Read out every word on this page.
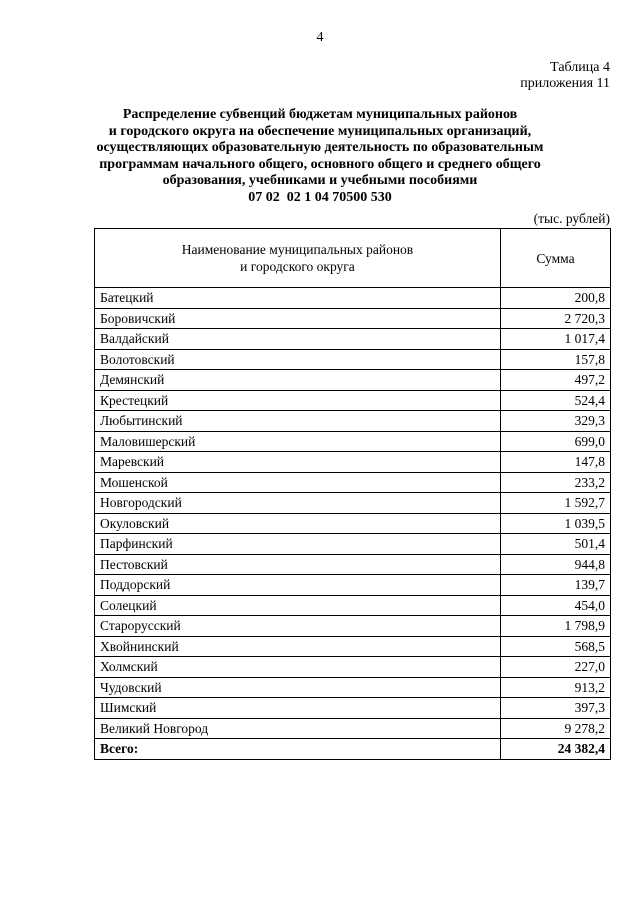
4
Таблица 4
приложения 11
Распределение субвенций бюджетам муниципальных районов
и городского округа на обеспечение муниципальных организаций,
осуществляющих образовательную деятельность по образовательным
программам начального общего, основного общего и среднего общего
образования, учебниками и учебными пособиями
07 02  02 1 04 70500 530
(тыс. рублей)
Наименование муниципальных районов
и городского округа	Сумма
Батецкий	200,8
Боровичский	2 720,3
Валдайский	1 017,4
Волотовский	157,8
Демянский	497,2
Крестецкий	524,4
Любытинский	329,3
Маловишерский	699,0
Маревский	147,8
Мошенской	233,2
Новгородский	1 592,7
Окуловский	1 039,5
Парфинский	501,4
Пестовский	944,8
Поддорский	139,7
Солецкий	454,0
Старорусский	1 798,9
Хвойнинский	568,5
Холмский	227,0
Чудовский	913,2
Шимский	397,3
Великий Новгород	9 278,2
Всего:	24 382,4
